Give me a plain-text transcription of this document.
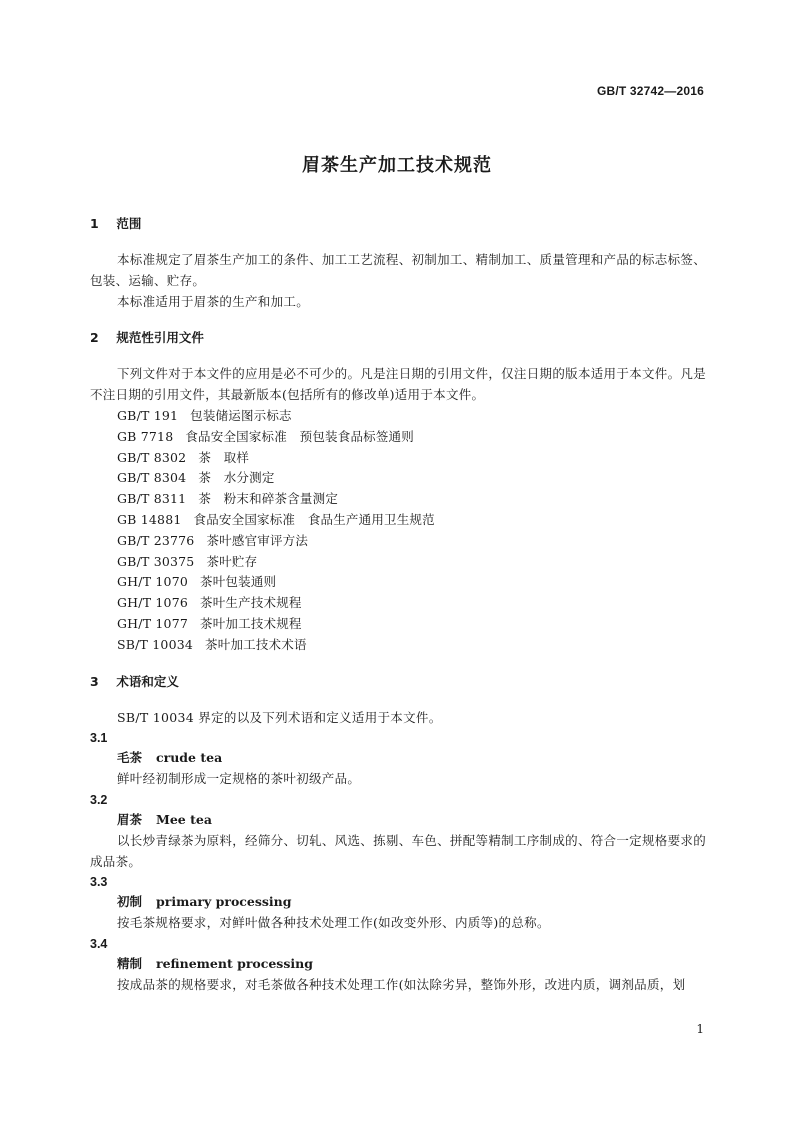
GB/T 32742—2016
眉茶生产加工技术规范
1 范围
本标准规定了眉茶生产加工的条件、加工工艺流程、初制加工、精制加工、质量管理和产品的标志标签、包装、运输、贮存。
本标准适用于眉茶的生产和加工。
2 规范性引用文件
下列文件对于本文件的应用是必不可少的。凡是注日期的引用文件，仅注日期的版本适用于本文件。凡是不注日期的引用文件，其最新版本(包括所有的修改单)适用于本文件。
GB/T 191 包装储运图示标志
GB 7718 食品安全国家标准　预包装食品标签通则
GB/T 8302 茶　取样
GB/T 8304 茶　水分测定
GB/T 8311 茶　粉末和碎茶含量测定
GB 14881 食品安全国家标准　食品生产通用卫生规范
GB/T 23776 茶叶感官审评方法
GB/T 30375 茶叶贮存
GH/T 1070 茶叶包装通则
GH/T 1076 茶叶生产技术规程
GH/T 1077 茶叶加工技术规程
SB/T 10034 茶叶加工技术术语
3 术语和定义
SB/T 10034 界定的以及下列术语和定义适用于本文件。
3.1
毛茶 crude tea
鲜叶经初制形成一定规格的茶叶初级产品。
3.2
眉茶 Mee tea
以长炒青绿茶为原料，经筛分、切轧、风选、拣剔、车色、拼配等精制工序制成的、符合一定规格要求的成品茶。
3.3
初制 primary processing
按毛茶规格要求，对鲜叶做各种技术处理工作(如改变外形、内质等)的总称。
3.4
精制 refinement processing
按成品茶的规格要求，对毛茶做各种技术处理工作(如汰除劣异，整饰外形，改进内质，调剂品质，划
1
